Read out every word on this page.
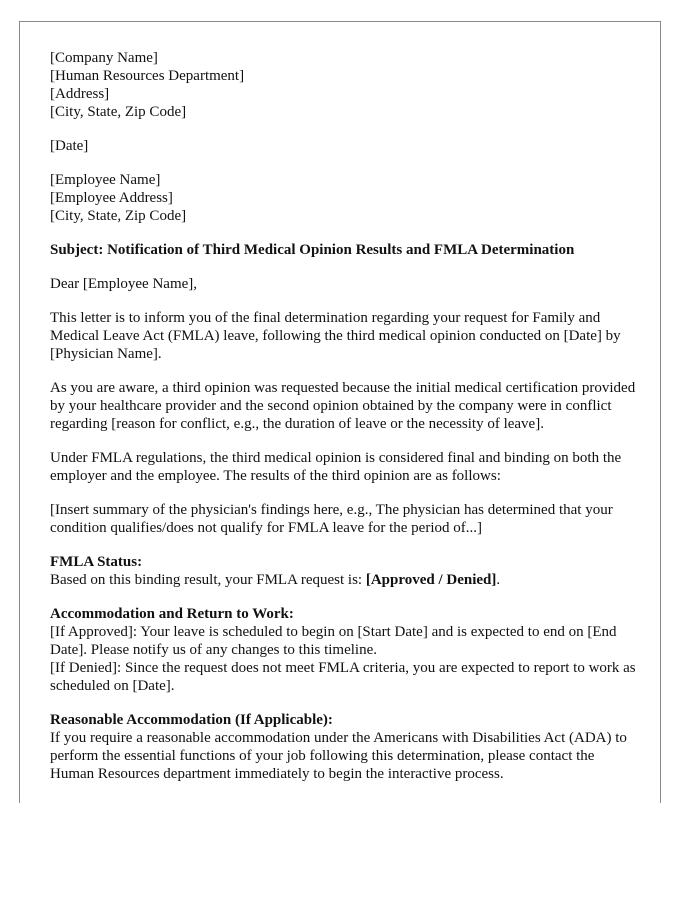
[Company Name]
[Human Resources Department]
[Address]
[City, State, Zip Code]
[Date]
[Employee Name]
[Employee Address]
[City, State, Zip Code]
Subject: Notification of Third Medical Opinion Results and FMLA Determination

Dear [Employee Name],

This letter is to inform you of the final determination regarding your request for Family and Medical Leave Act (FMLA) leave, following the third medical opinion conducted on [Date] by [Physician Name].

As you are aware, a third opinion was requested because the initial medical certification provided by your healthcare provider and the second opinion obtained by the company were in conflict regarding [reason for conflict, e.g., the duration of leave or the necessity of leave].

Under FMLA regulations, the third medical opinion is considered final and binding on both the employer and the employee. The results of the third opinion are as follows:

[Insert summary of the physician's findings here, e.g., The physician has determined that your condition qualifies/does not qualify for FMLA leave for the period of...]

FMLA Status:
Based on this binding result, your FMLA request is: [Approved / Denied].
Accommodation and Return to Work:
[If Approved]: Your leave is scheduled to begin on [Start Date] and is expected to end on [End Date]. Please notify us of any changes to this timeline.
[If Denied]: Since the request does not meet FMLA criteria, you are expected to report to work as scheduled on [Date].
Reasonable Accommodation (If Applicable):
If you require a reasonable accommodation under the Americans with Disabilities Act (ADA) to perform the essential functions of your job following this determination, please contact the Human Resources department immediately to begin the interactive process.
